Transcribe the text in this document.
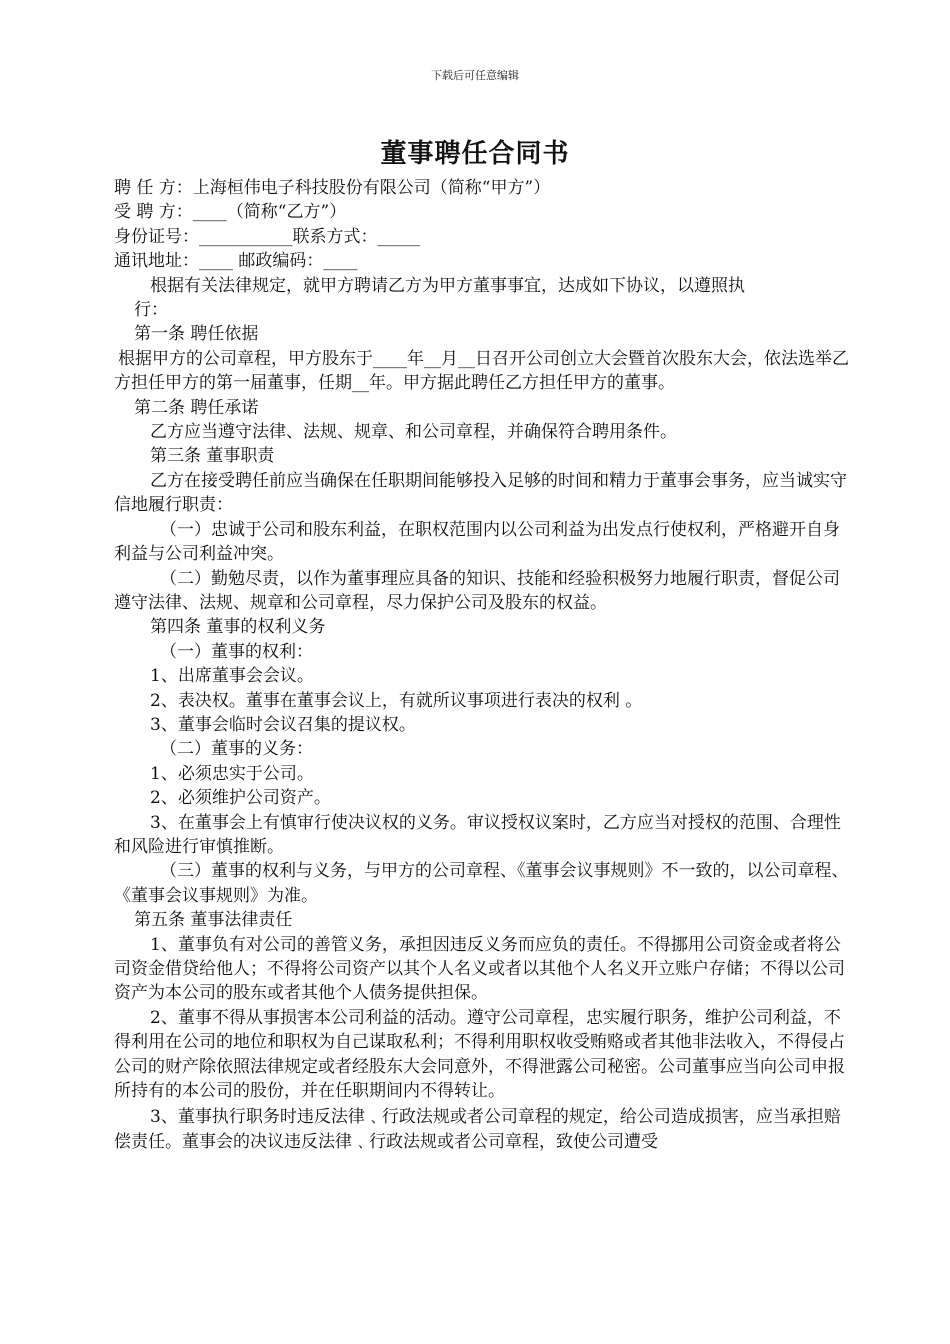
下载后可任意编辑
董事聘任合同书

聘 任 方：上海桓伟电子科技股份有限公司（简称“甲方”）

受 聘 方：____（简称“乙方”）

身份证号：___________联系方式：_____

通讯地址：____ 邮政编码：____

根据有关法律规定，就甲方聘请乙方为甲方董事事宜，达成如下协议，以遵照执

行：

第一条 聘任依据

根据甲方的公司章程，甲方股东于____年__月__日召开公司创立大会暨首次股东大会，依法选举乙方担任甲方的第一届董事，任期__年。甲方据此聘任乙方担任甲方的董事。

第二条 聘任承诺

乙方应当遵守法律、法规、规章、和公司章程，并确保符合聘用条件。

第三条 董事职责

乙方在接受聘任前应当确保在任职期间能够投入足够的时间和精力于董事会事务，应当诚实守信地履行职责：

（一）忠诚于公司和股东利益，在职权范围内以公司利益为出发点行使权利，严格避开自身利益与公司利益冲突。

（二）勤勉尽责，以作为董事理应具备的知识、技能和经验积极努力地履行职责，督促公司遵守法律、法规、规章和公司章程，尽力保护公司及股东的权益。

第四条 董事的权利义务

（一）董事的权利：

1、出席董事会会议。

2、表决权。董事在董事会议上，有就所议事项进行表决的权利 。

3、董事会临时会议召集的提议权。

（二）董事的义务：

1、必须忠实于公司。

2、必须维护公司资产。

3、在董事会上有慎审行使决议权的义务。审议授权议案时，乙方应当对授权的范围、合理性和风险进行审慎推断。

（三）董事的权利与义务，与甲方的公司章程、《董事会议事规则》不一致的，以公司章程、《董事会议事规则》为准。

第五条 董事法律责任

1、董事负有对公司的善管义务，承担因违反义务而应负的责任。不得挪用公司资金或者将公司资金借贷给他人；不得将公司资产以其个人名义或者以其他个人名义开立账户存储；不得以公司资产为本公司的股东或者其他个人债务提供担保。

2、董事不得从事损害本公司利益的活动。遵守公司章程，忠实履行职务，维护公司利益，不得利用在公司的地位和职权为自己谋取私利；不得利用职权收受贿赂或者其他非法收入，不得侵占公司的财产除依照法律规定或者经股东大会同意外，不得泄露公司秘密。公司董事应当向公司申报所持有的本公司的股份，并在任职期间内不得转让。

3、董事执行职务时违反法律﹑行政法规或者公司章程的规定，给公司造成损害，应当承担赔偿责任。董事会的决议违反法律﹑行政法规或者公司章程，致使公司遭受
